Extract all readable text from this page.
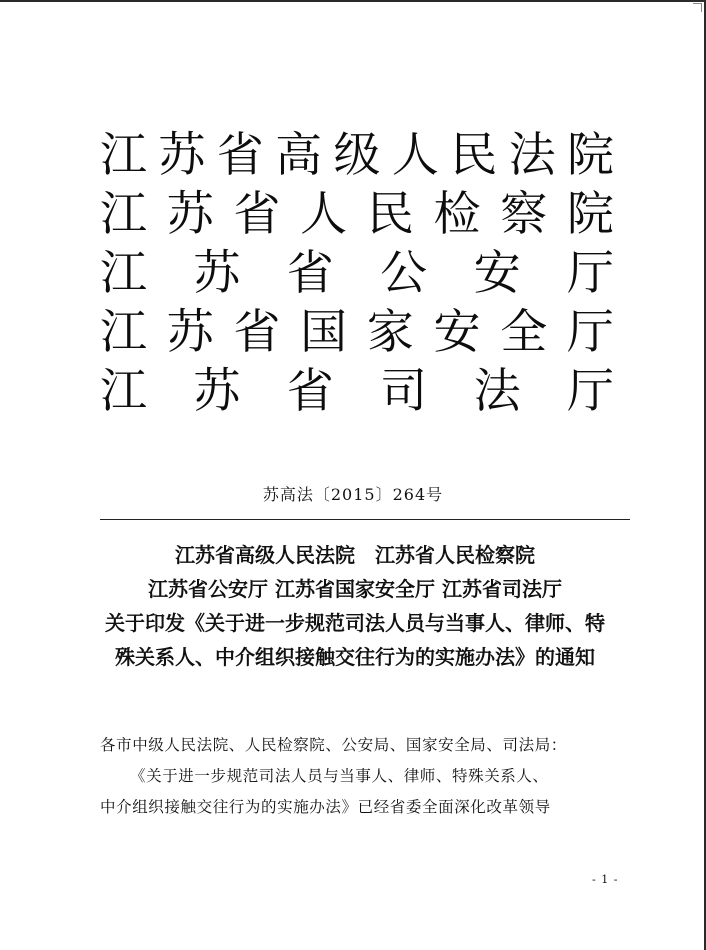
江 苏 省 高 级 人 民 法 院
江 苏 省 人 民 检 察 院
江 苏 省 公 安 厅
江 苏 省 国 家 安 全 厅
江 苏 省 司 法 厅
苏高法〔2015〕264号
江苏省高级人民法院　江苏省人民检察院
江苏省公安厅 江苏省国家安全厅 江苏省司法厅
关于印发《关于进一步规范司法人员与当事人、律师、特
殊关系人、中介组织接触交往行为的实施办法》的通知
各市中级人民法院、人民检察院、公安局、国家安全局、司法局：
《关于进一步规范司法人员与当事人、律师、特殊关系人、
中介组织接触交往行为的实施办法》已经省委全面深化改革领导
- 1 -
